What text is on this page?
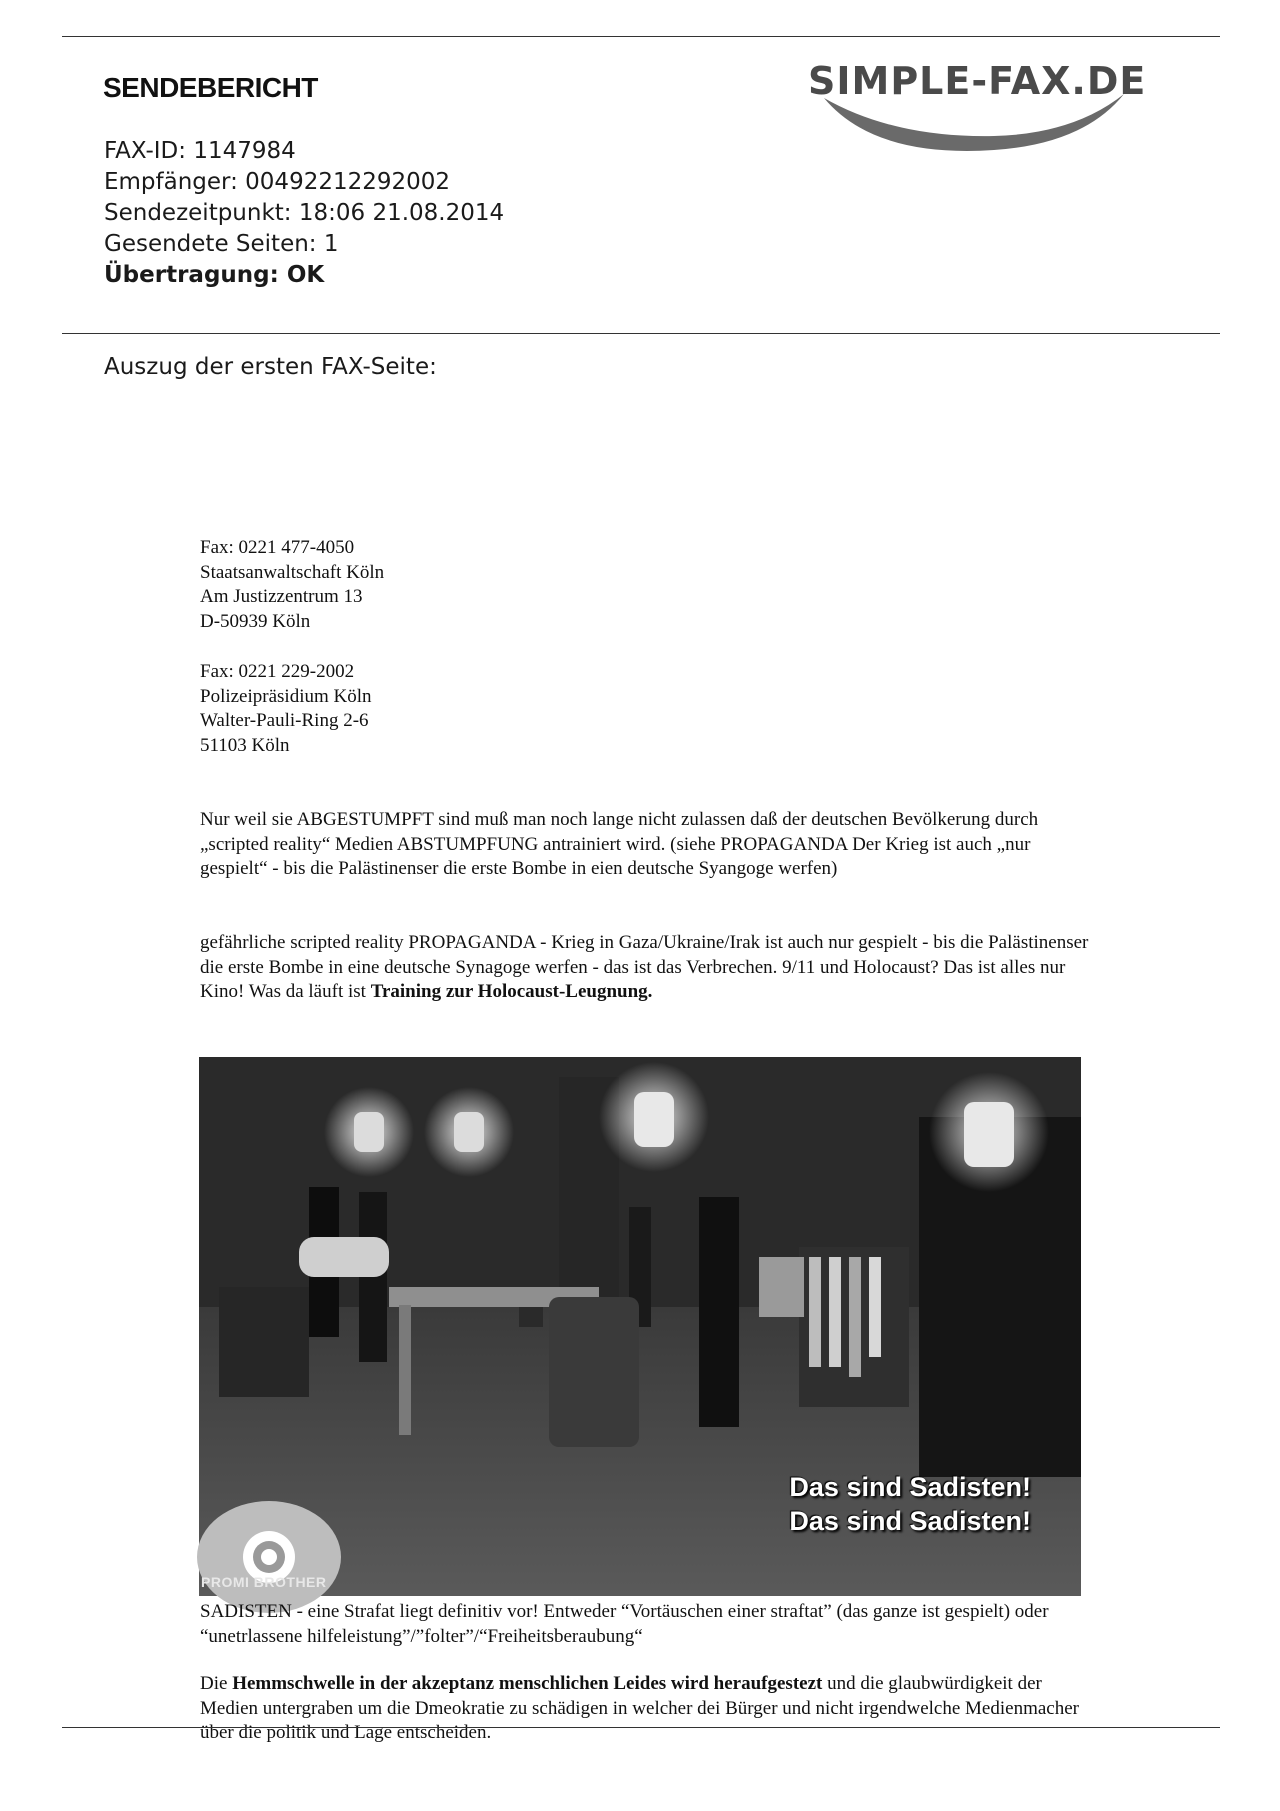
SENDEBERICHT	SIMPLE-FAX.DE
FAX-ID: 1147984
Empfänger: 00492212292002
Sendezeitpunkt: 18:06 21.08.2014
Gesendete Seiten: 1
Übertragung: OK
Auszug der ersten FAX-Seite:
Fax: 0221 477-4050
Staatsanwaltschaft Köln
Am Justizzentrum 13
D-50939 Köln
Fax: 0221 229-2002
Polizeipräsidium Köln
Walter-Pauli-Ring 2-6
51103 Köln
Nur weil sie ABGESTUMPFT sind muß man noch lange nicht zulassen daß der deutschen Bevölkerung durch „scripted reality“ Medien ABSTUMPFUNG antrainiert wird. (siehe PROPAGANDA Der Krieg ist auch „nur gespielt“ - bis die Palästinenser die erste Bombe in eien deutsche Syangoge werfen)
gefährliche scripted reality PROPAGANDA - Krieg in Gaza/Ukraine/Irak ist auch nur gespielt - bis die Palästinenser die erste Bombe in eine deutsche Synagoge werfen - das ist das Verbrechen. 9/11 und Holocaust? Das ist alles nur Kino! Was da läuft ist Training zur Holocaust-Leugnung.
Das sind Sadisten!
Das sind Sadisten!
PROMI BROTHER
SADISTEN - eine Strafat liegt definitiv vor! Entweder “Vortäuschen einer straftat” (das ganze ist gespielt) oder “unetrlassene hilfeleistung”/”folter”/“Freiheitsberaubung“
Die Hemmschwelle in der akzeptanz menschlichen Leides wird heraufgestezt und die glaubwürdigkeit der Medien untergraben um die Dmeokratie zu schädigen in welcher dei Bürger und nicht irgendwelche Medienmacher über die politik und Lage entscheiden.
